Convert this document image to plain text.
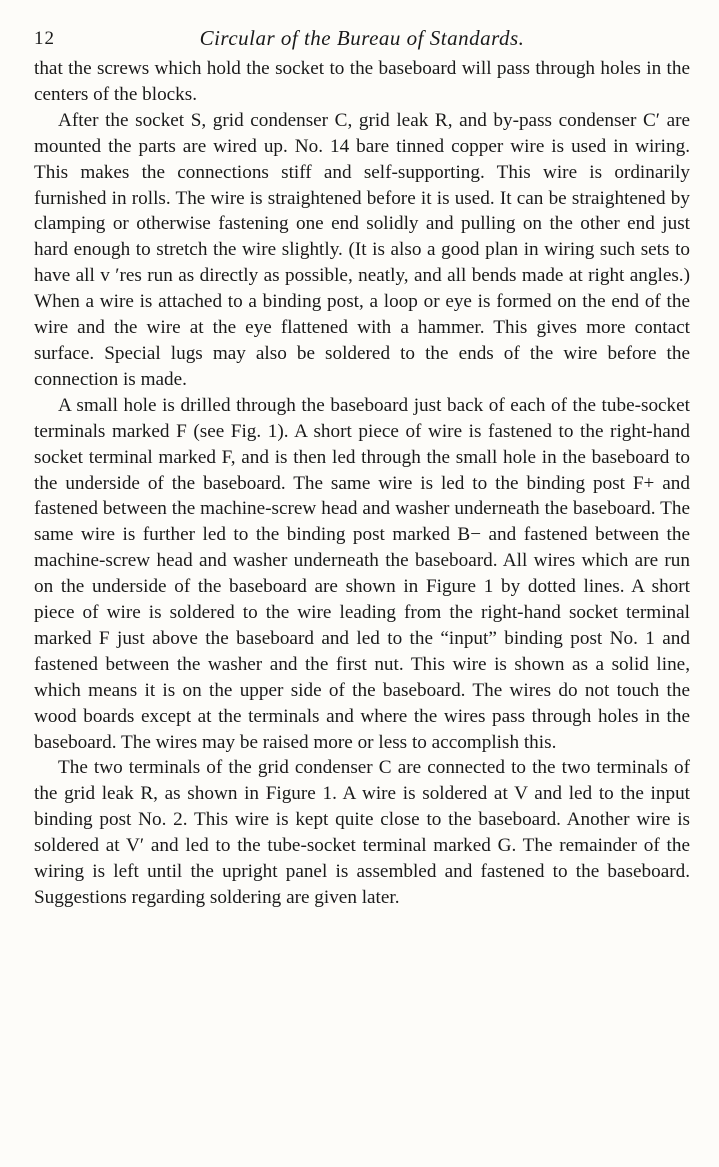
12	Circular of the Bureau of Standards.

that the screws which hold the socket to the baseboard will pass through holes in the centers of the blocks.

After the socket S, grid condenser C, grid leak R, and by-pass condenser C′ are mounted the parts are wired up. No. 14 bare tinned copper wire is used in wiring. This makes the connections stiff and self-supporting. This wire is ordinarily furnished in rolls. The wire is straightened before it is used. It can be straightened by clamping or otherwise fastening one end solidly and pulling on the other end just hard enough to stretch the wire slightly. (It is also a good plan in wiring such sets to have all v ′res run as directly as possible, neatly, and all bends made at right angles.) When a wire is attached to a binding post, a loop or eye is formed on the end of the wire and the wire at the eye flattened with a hammer. This gives more contact surface. Special lugs may also be soldered to the ends of the wire before the connection is made.

A small hole is drilled through the baseboard just back of each of the tube-socket terminals marked F (see Fig. 1). A short piece of wire is fastened to the right-hand socket terminal marked F, and is then led through the small hole in the baseboard to the underside of the baseboard. The same wire is led to the binding post F+ and fastened between the machine-screw head and washer underneath the baseboard. The same wire is further led to the binding post marked B− and fastened between the machine-screw head and washer underneath the baseboard. All wires which are run on the underside of the baseboard are shown in Figure 1 by dotted lines. A short piece of wire is soldered to the wire leading from the right-hand socket terminal marked F just above the baseboard and led to the “input” binding post No. 1 and fastened between the washer and the first nut. This wire is shown as a solid line, which means it is on the upper side of the baseboard. The wires do not touch the wood boards except at the terminals and where the wires pass through holes in the baseboard. The wires may be raised more or less to accomplish this.

The two terminals of the grid condenser C are connected to the two terminals of the grid leak R, as shown in Figure 1. A wire is soldered at V and led to the input binding post No. 2. This wire is kept quite close to the baseboard. Another wire is soldered at V′ and led to the tube-socket terminal marked G. The remainder of the wiring is left until the upright panel is assembled and fastened to the baseboard. Suggestions regarding soldering are given later.
